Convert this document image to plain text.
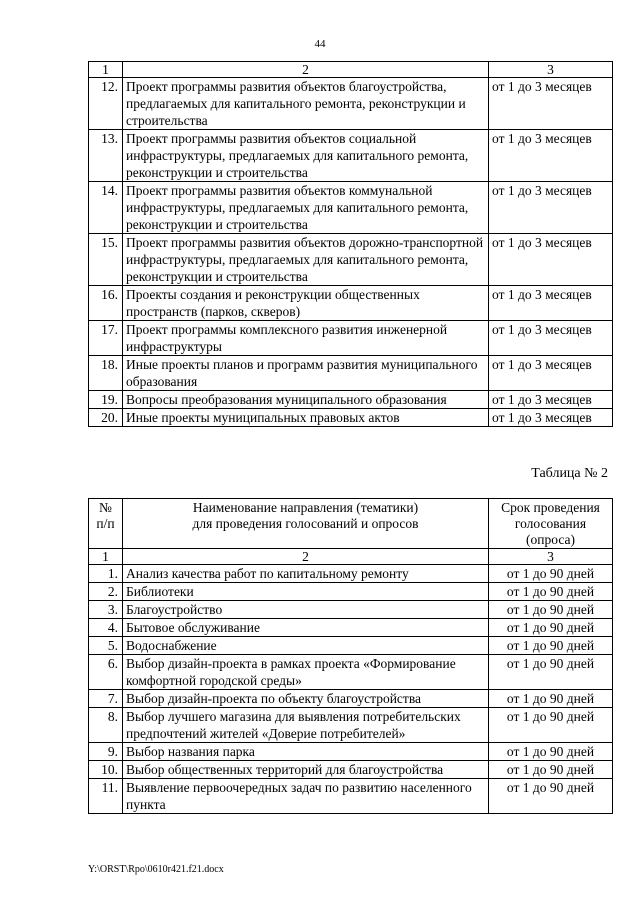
44
1	2	3
12.	Проект программы развития объектов благоустройства, предлагаемых для капитального ремонта, реконструкции и строительства	от 1 до 3 месяцев
13.	Проект программы развития объектов социальной инфраструктуры, предлагаемых для капитального ремонта, реконструкции и строительства	от 1 до 3 месяцев
14.	Проект программы развития объектов коммунальной инфраструктуры, предлагаемых для капитального ремонта, реконструкции и строительства	от 1 до 3 месяцев
15.	Проект программы развития объектов дорожно-транспортной инфраструктуры, предлагаемых для капитального ремонта, реконструкции и строительства	от 1 до 3 месяцев
16.	Проекты создания и реконструкции общественных пространств (парков, скверов)	от 1 до 3 месяцев
17.	Проект программы комплексного развития инженерной инфраструктуры	от 1 до 3 месяцев
18.	Иные проекты планов и программ развития муниципального образования	от 1 до 3 месяцев
19.	Вопросы преобразования муниципального образования	от 1 до 3 месяцев
20.	Иные проекты муниципальных правовых актов	от 1 до 3 месяцев
Таблица № 2
№ п/п	Наименование направления (тематики) для проведения голосований и опросов	Срок проведения голосования (опроса)
1	2	3
1.	Анализ качества работ по капитальному ремонту	от 1 до 90 дней
2.	Библиотеки	от 1 до 90 дней
3.	Благоустройство	от 1 до 90 дней
4.	Бытовое обслуживание	от 1 до 90 дней
5.	Водоснабжение	от 1 до 90 дней
6.	Выбор дизайн-проекта в рамках проекта «Формирование комфортной городской среды»	от 1 до 90 дней
7.	Выбор дизайн-проекта по объекту благоустройства	от 1 до 90 дней
8.	Выбор лучшего магазина для выявления потребительских предпочтений жителей «Доверие потребителей»	от 1 до 90 дней
9.	Выбор названия парка	от 1 до 90 дней
10.	Выбор общественных территорий для благоустройства	от 1 до 90 дней
11.	Выявление первоочередных задач по развитию населенного пункта	от 1 до 90 дней
Y:\ORST\Rpo\0610r421.f21.docx
